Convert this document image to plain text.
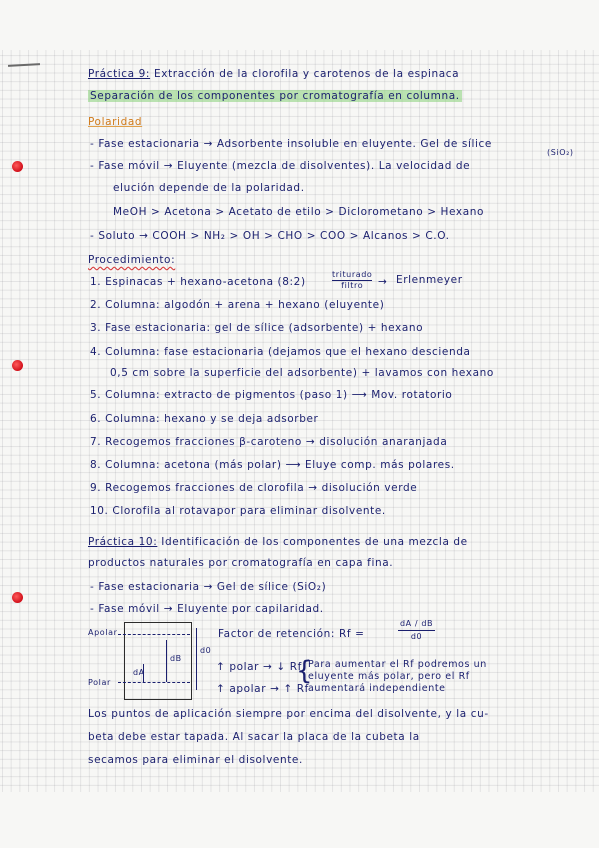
Práctica 9: Extracción de la clorofila y carotenos de la espinaca
Separación de los componentes por cromatografía en columna.
Polaridad
- Fase estacionaria → Adsorbente insoluble en eluyente. Gel de sílice
(SiO₂)
- Fase móvil → Eluyente (mezcla de disolventes). La velocidad de
elución depende de la polaridad.
MeOH > Acetona > Acetato de etilo > Diclorometano > Hexano
- Soluto → COOH > NH₂ > OH > CHO > COO > Alcanos > C.O.
Procedimiento:
1. Espinacas + hexano-acetona (8:2)
triturado
filtro	→ Erlenmeyer
2. Columna: algodón + arena + hexano (eluyente)
3. Fase estacionaria: gel de sílice (adsorbente) + hexano
4. Columna: fase estacionaria (dejamos que el hexano descienda
0,5 cm sobre la superficie del adsorbente) + lavamos con hexano
5. Columna: extracto de pigmentos (paso 1) ⟶ Mov. rotatorio
6. Columna: hexano y se deja adsorber
7. Recogemos fracciones β-caroteno → disolución anaranjada
8. Columna: acetona (más polar) ⟶ Eluye comp. más polares.
9. Recogemos fracciones de clorofila → disolución verde
10. Clorofila al rotavapor para eliminar disolvente.
Práctica 10: Identificación de los componentes de una mezcla de
productos naturales por cromatografía en capa fina.
- Fase estacionaria → Gel de sílice (SiO₂)
- Fase móvil → Eluyente por capilaridad.
Apolar
Polar
dA
dB
d0
Factor de retención: Rf =	$\frac{dA / dB}{d0}$
↑ polar → ↓ Rf
↑ apolar → ↑ Rf
{
Para aumentar el Rf podremos un
eluyente más polar, pero el Rf
aumentará independiente
Los puntos de aplicación siempre por encima del disolvente, y la cu-
beta debe estar tapada. Al sacar la placa de la cubeta la
secamos para eliminar el disolvente.
